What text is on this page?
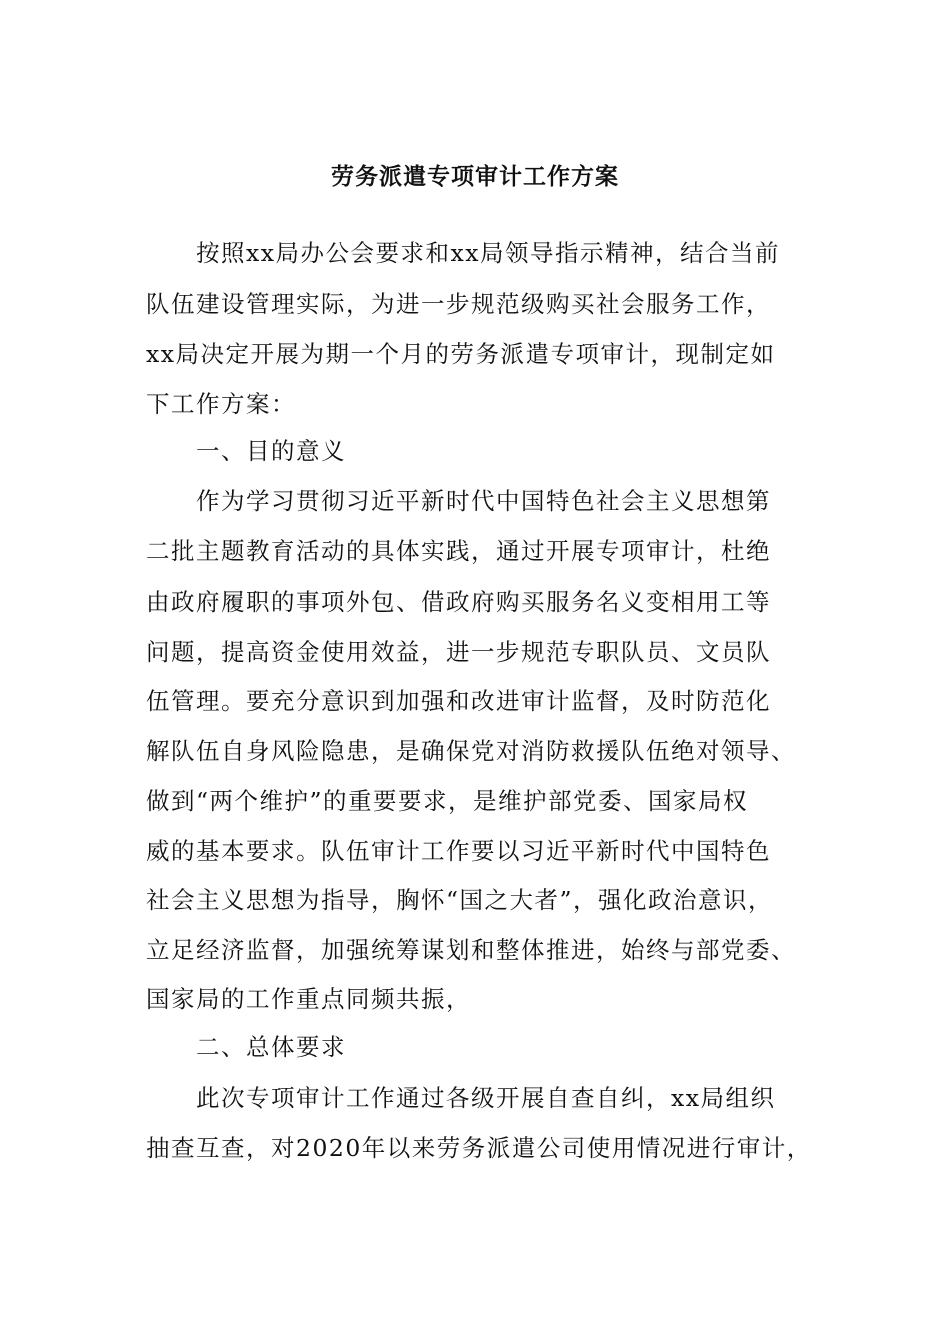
劳务派遣专项审计工作方案
按照xx局办公会要求和xx局领导指示精神，结合当前
队伍建设管理实际，为进一步规范级购买社会服务工作，
xx局决定开展为期一个月的劳务派遣专项审计，现制定如
下工作方案：
一、目的意义
作为学习贯彻习近平新时代中国特色社会主义思想第
二批主题教育活动的具体实践，通过开展专项审计，杜绝
由政府履职的事项外包、借政府购买服务名义变相用工等
问题，提高资金使用效益，进一步规范专职队员、文员队
伍管理。要充分意识到加强和改进审计监督，及时防范化
解队伍自身风险隐患，是确保党对消防救援队伍绝对领导、
做到“两个维护”的重要要求，是维护部党委、国家局权
威的基本要求。队伍审计工作要以习近平新时代中国特色
社会主义思想为指导，胸怀“国之大者”，强化政治意识，
立足经济监督，加强统筹谋划和整体推进，始终与部党委、
国家局的工作重点同频共振，
二、总体要求
此次专项审计工作通过各级开展自查自纠，xx局组织
抽查互查，对2020年以来劳务派遣公司使用情况进行审计，
